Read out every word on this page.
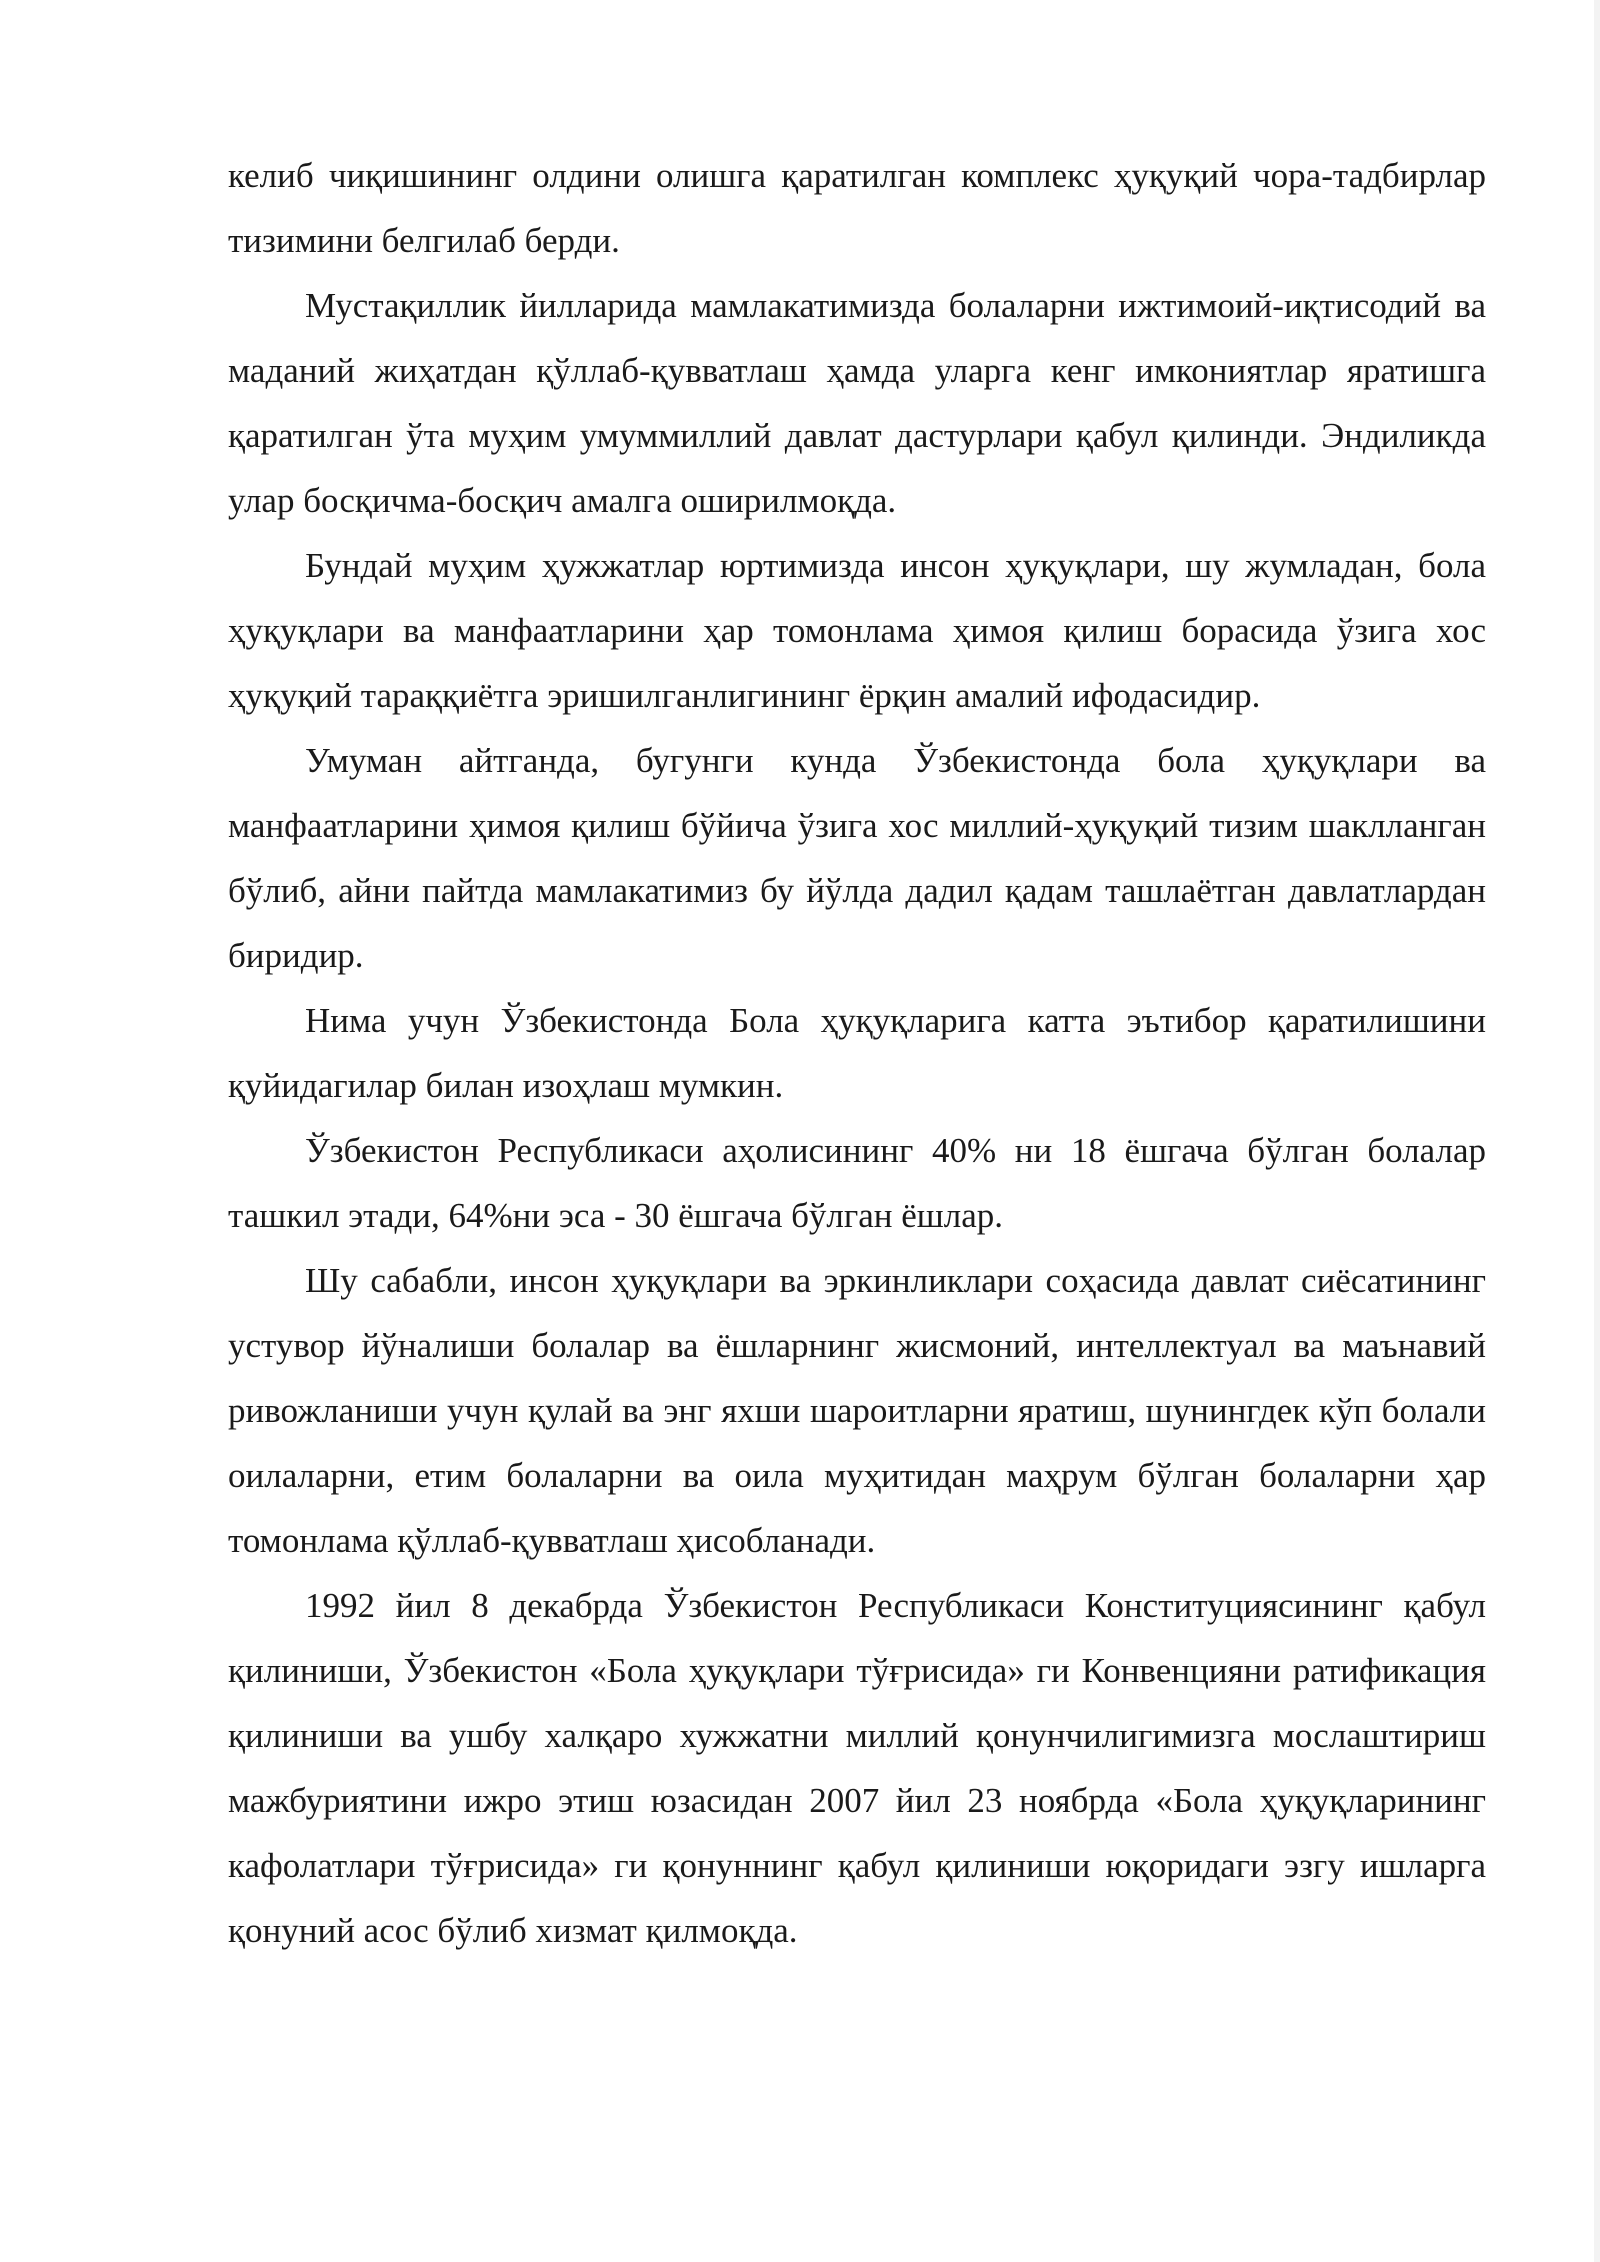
келиб чиқишининг олдини олишга қаратилган комплекс ҳуқуқий чора-тадбирлар тизимини белгилаб берди.

Мустақиллик йилларида мамлакатимизда болаларни ижтимоий-иқтисодий ва маданий жиҳатдан қўллаб-қувватлаш ҳамда уларга кенг имкониятлар яратишга қаратилган ўта муҳим умуммиллий давлат дастурлари қабул қилинди. Эндиликда улар босқичма-босқич амалга оширилмоқда.

Бундай муҳим ҳужжатлар юртимизда инсон ҳуқуқлари, шу жумладан, бола ҳуқуқлари ва манфаатларини ҳар томонлама ҳимоя қилиш борасида ўзига хос ҳуқуқий тараққиётга эришилганлигининг ёрқин амалий ифодасидир.

Умуман айтганда, бугунги кунда Ўзбекистонда бола ҳуқуқлари ва манфаатларини ҳимоя қилиш бўйича ўзига хос миллий-ҳуқуқий тизим шаклланган бўлиб, айни пайтда мамлакатимиз бу йўлда дадил қадам ташлаётган давлатлардан биридир.

Нима учун Ўзбекистонда Бола ҳуқуқларига катта эътибор қаратилишини қуйидагилар билан изоҳлаш мумкин.

Ўзбекистон Республикаси аҳолисининг 40% ни 18 ёшгача бўлган болалар ташкил этади, 64%ни эса - 30 ёшгача бўлган ёшлар.

Шу сабабли, инсон ҳуқуқлари ва эркинликлари соҳасида давлат сиёсатининг устувор йўналиши болалар ва ёшларнинг жисмоний, интеллектуал ва маънавий ривожланиши учун қулай ва энг яхши шароитларни яратиш, шунингдек кўп болали оилаларни, етим болаларни ва оила муҳитидан маҳрум бўлган болаларни ҳар томонлама қўллаб-қувватлаш ҳисобланади.

1992 йил 8 декабрда Ўзбекистон Республикаси Конституциясининг қабул қилиниши, Ўзбекистон «Бола ҳуқуқлари тўғрисида» ги Конвенцияни ратификация қилиниши ва ушбу халқаро хужжатни миллий қонунчилигимизга мослаштириш мажбуриятини ижро этиш юзасидан 2007 йил 23 ноябрда «Бола ҳуқуқларининг кафолатлари тўғрисида» ги қонуннинг қабул қилиниши юқоридаги эзгу ишларга қонуний асос бўлиб хизмат қилмоқда.
